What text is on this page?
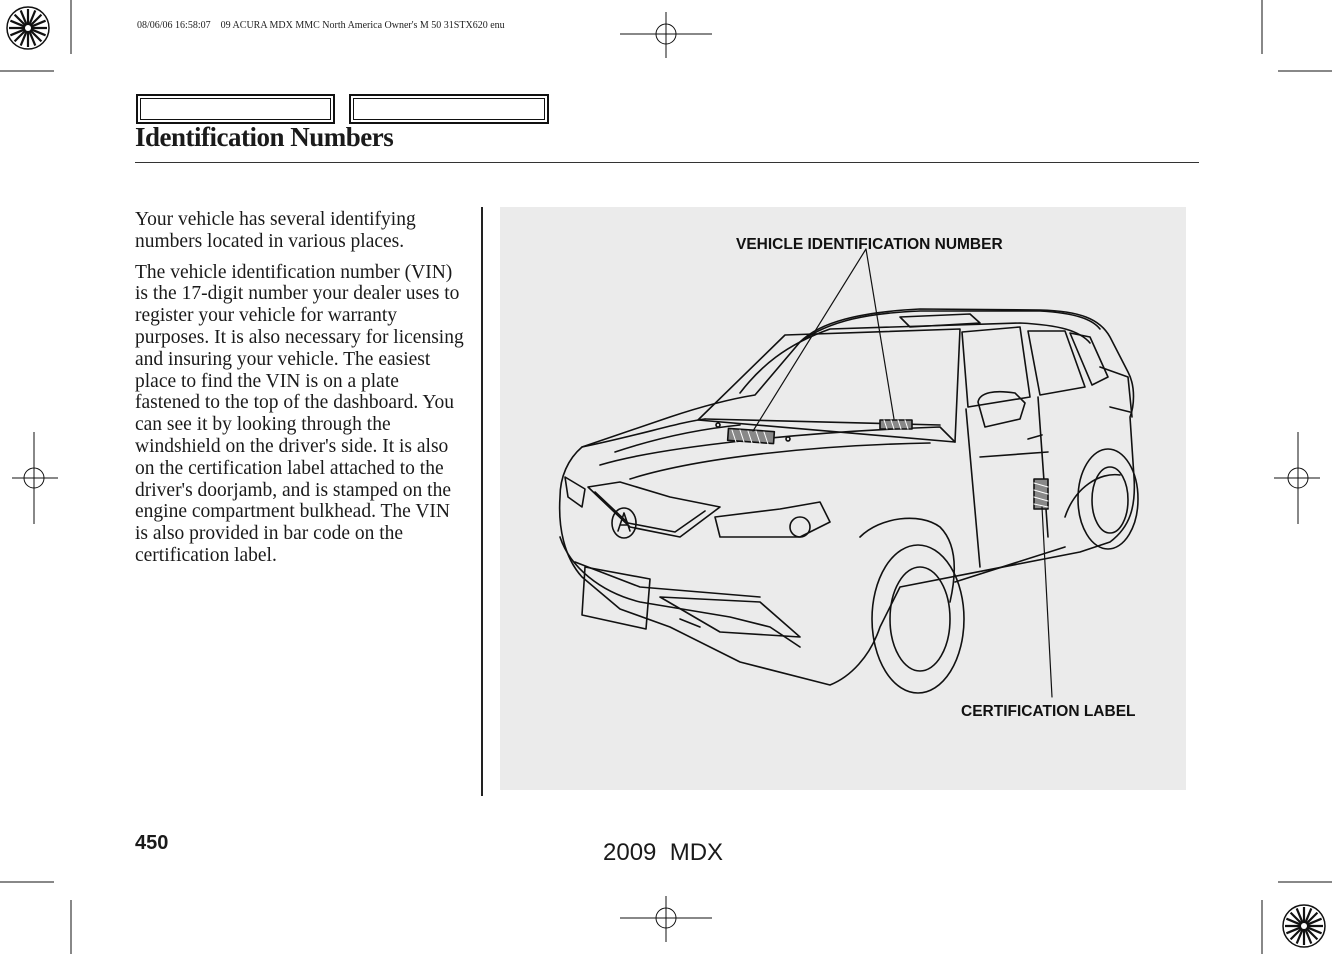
08/06/06 16:58:07    09 ACURA MDX MMC North America Owner's M 50 31STX620 enu
Identification Numbers

Your vehicle has several identifying numbers located in various places.

The vehicle identification number (VIN) is the 17-digit number your dealer uses to register your vehicle for warranty purposes. It is also necessary for licensing and insuring your vehicle. The easiest place to find the VIN is on a plate fastened to the top of the dashboard. You can see it by looking through the windshield on the driver's side. It is also on the certification label attached to the driver's doorjamb, and is stamped on the engine compartment bulkhead. The VIN is also provided in bar code on the certification label.

VEHICLE IDENTIFICATION NUMBER
CERTIFICATION LABEL
450	2009  MDX
